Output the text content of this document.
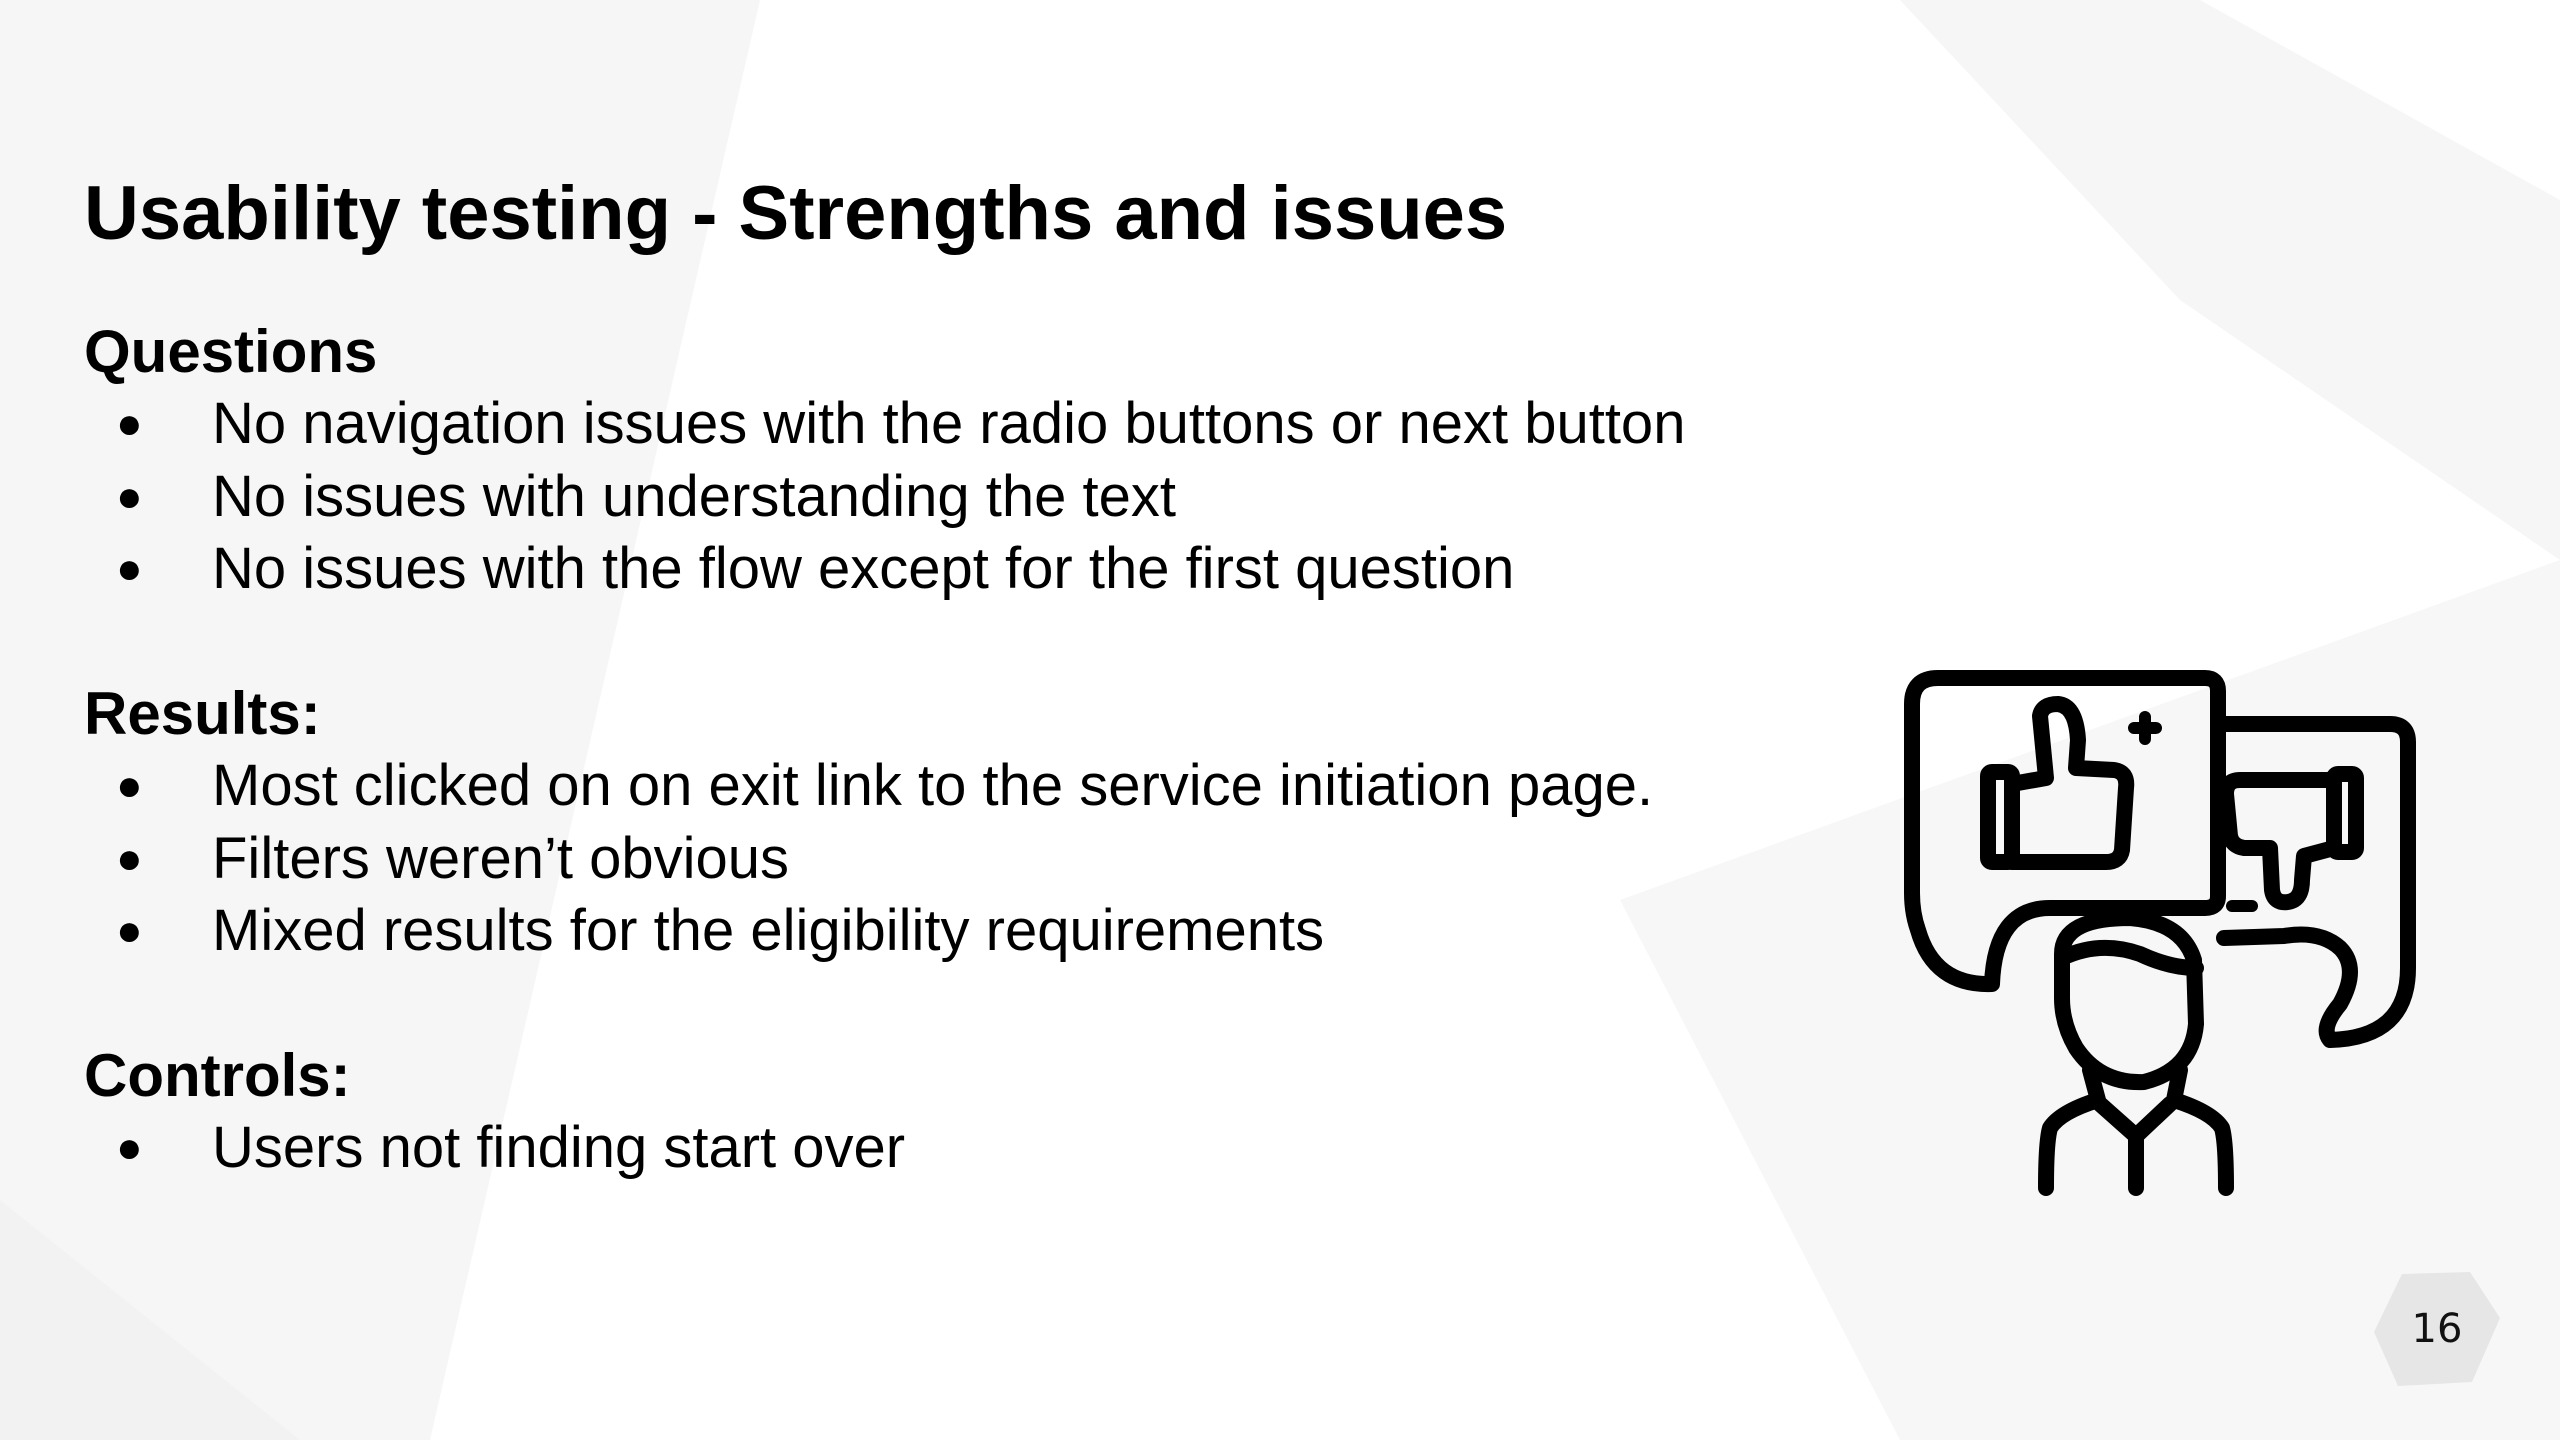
Usability testing - Strengths and issues
Questions
● No navigation issues with the radio buttons or next button
● No issues with understanding the text
● No issues with the flow except for the first question
Results:
● Most clicked on on exit link to the service initiation page.
● Filters weren’t obvious
● Mixed results for the eligibility requirements
Controls:
● Users not finding start over
16
